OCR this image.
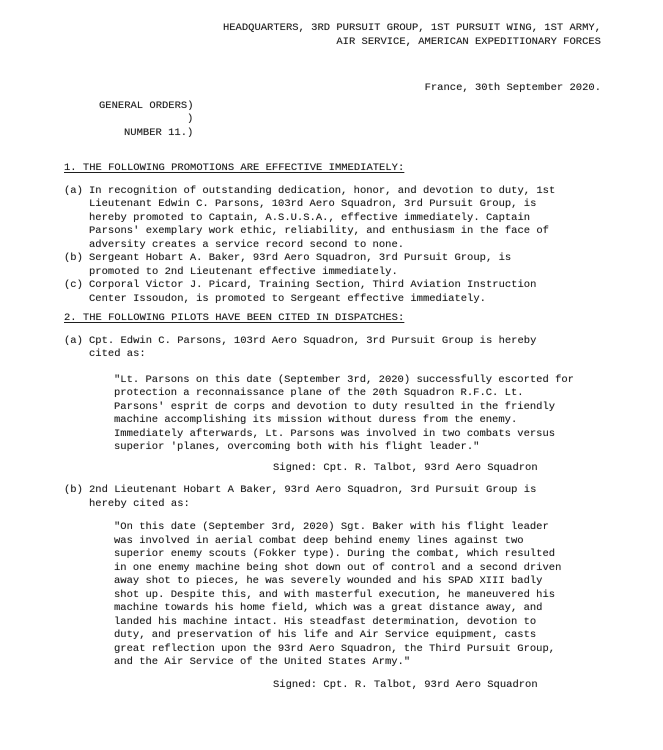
HEADQUARTERS, 3RD PURSUIT GROUP, 1ST PURSUIT WING, 1ST ARMY,
AIR SERVICE, AMERICAN EXPEDITIONARY FORCES
France, 30th September 2020.
GENERAL ORDERS)
)
NUMBER 11.)
1. THE FOLLOWING PROMOTIONS ARE EFFECTIVE IMMEDIATELY:
(a) In recognition of outstanding dedication, honor, and devotion to duty, 1st
Lieutenant Edwin C. Parsons, 103rd Aero Squadron, 3rd Pursuit Group, is
hereby promoted to Captain, A.S.U.S.A., effective immediately. Captain
Parsons' exemplary work ethic, reliability, and enthusiasm in the face of
adversity creates a service record second to none.
(b) Sergeant Hobart A. Baker, 93rd Aero Squadron, 3rd Pursuit Group, is
promoted to 2nd Lieutenant effective immediately.
(c) Corporal Victor J. Picard, Training Section, Third Aviation Instruction
Center Issoudon, is promoted to Sergeant effective immediately.
2. THE FOLLOWING PILOTS HAVE BEEN CITED IN DISPATCHES:
(a) Cpt. Edwin C. Parsons, 103rd Aero Squadron, 3rd Pursuit Group is hereby
cited as:
"Lt. Parsons on this date (September 3rd, 2020) successfully escorted for
protection a reconnaissance plane of the 20th Squadron R.F.C. Lt.
Parsons' esprit de corps and devotion to duty resulted in the friendly
machine accomplishing its mission without duress from the enemy.
Immediately afterwards, Lt. Parsons was involved in two combats versus
superior 'planes, overcoming both with his flight leader."
Signed: Cpt. R. Talbot, 93rd Aero Squadron
(b) 2nd Lieutenant Hobart A Baker, 93rd Aero Squadron, 3rd Pursuit Group is
hereby cited as:
"On this date (September 3rd, 2020) Sgt. Baker with his flight leader
was involved in aerial combat deep behind enemy lines against two
superior enemy scouts (Fokker type). During the combat, which resulted
in one enemy machine being shot down out of control and a second driven
away shot to pieces, he was severely wounded and his SPAD XIII badly
shot up. Despite this, and with masterful execution, he maneuvered his
machine towards his home field, which was a great distance away, and
landed his machine intact. His steadfast determination, devotion to
duty, and preservation of his life and Air Service equipment, casts
great reflection upon the 93rd Aero Squadron, the Third Pursuit Group,
and the Air Service of the United States Army."
Signed: Cpt. R. Talbot, 93rd Aero Squadron
